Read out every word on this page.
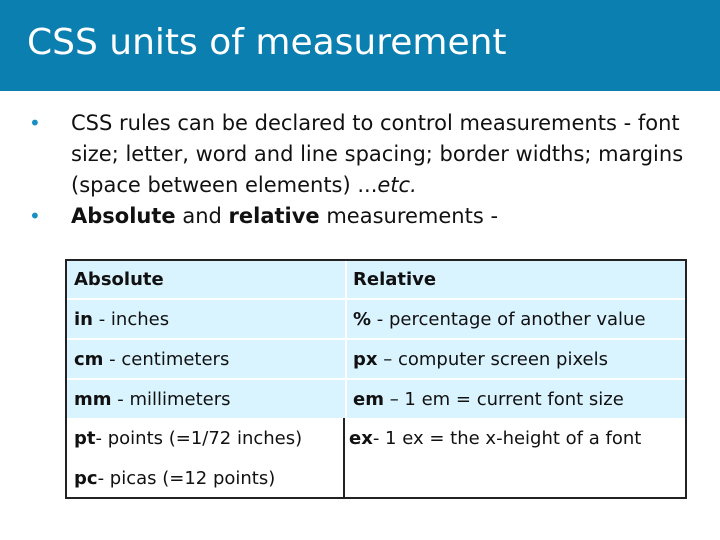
CSS units of measurement
• CSS rules can be declared to control measurements - font size; letter, word and line spacing; border widths; margins (space between elements) ...etc.
• Absolute and relative measurements -
Absolute	Relative
in - inches	% - percentage of another value
cm - centimeters	px – computer screen pixels
mm - millimeters	em – 1 em = current font size
pt - points (=1/72 inches)	ex - 1 ex = the x-height of a font
pc - picas (=12 points)
